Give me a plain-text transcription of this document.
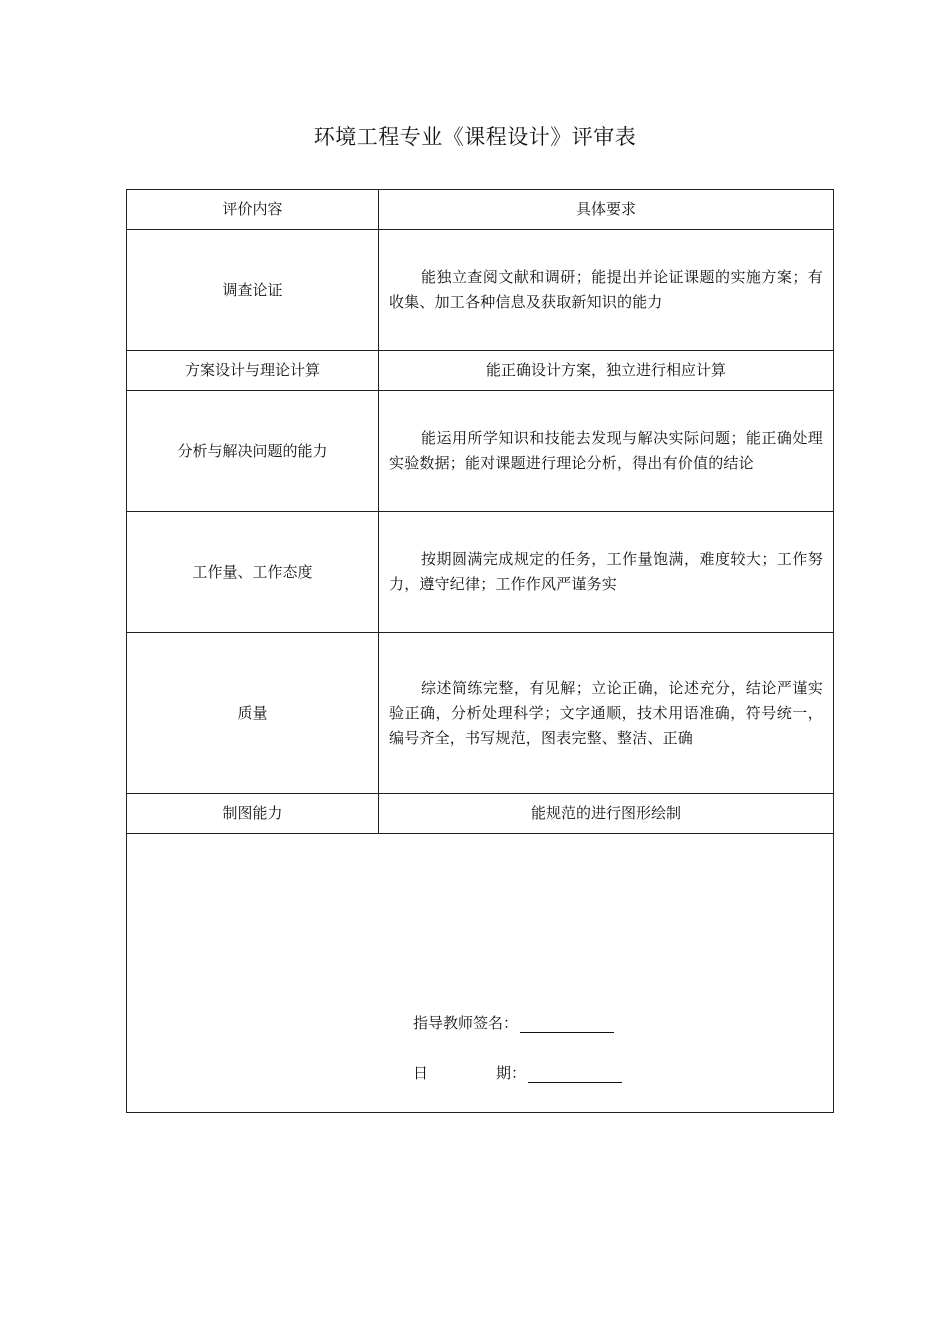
环境工程专业《课程设计》评审表
评价内容	具体要求
调查论证	能独立查阅文献和调研；能提出并论证课题的实施方案；有收集、加工各种信息及获取新知识的能力

方案设计与理论计算	能正确设计方案，独立进行相应计算
分析与解决问题的能力	能运用所学知识和技能去发现与解决实际问题；能正确处理实验数据；能对课题进行理论分析，得出有价值的结论

工作量、工作态度	按期圆满完成规定的任务，工作量饱满，难度较大；工作努力，遵守纪律；工作作风严谨务实

质量	综述简练完整，有见解；立论正确，论述充分，结论严谨实验正确，分析处理科学；文字通顺，技术用语准确，符号统一，编号齐全，书写规范，图表完整、整洁、正确

制图能力	能规范的进行图形绘制

指导教师签名：
日 期：	
